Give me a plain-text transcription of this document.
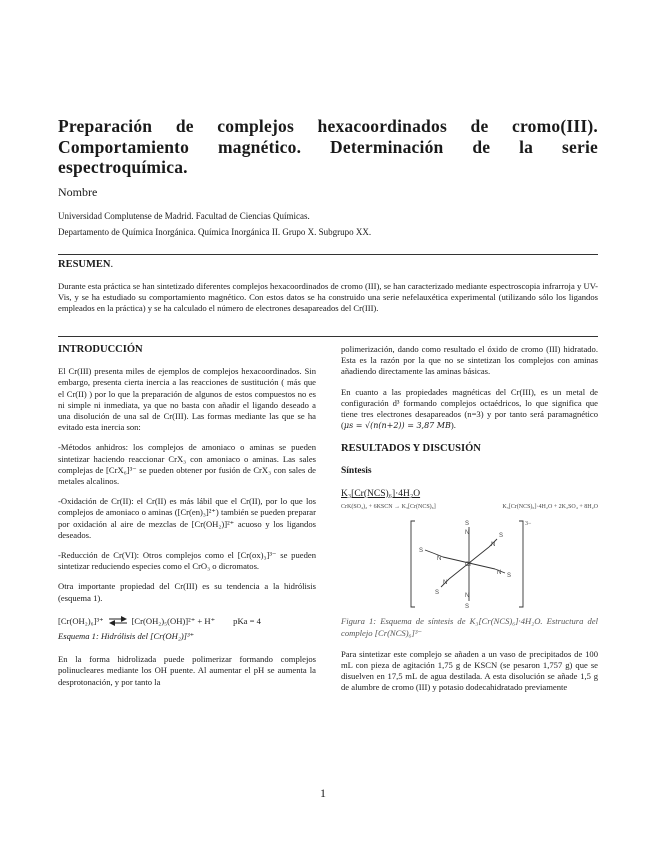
Preparación de complejos hexacoordinados de cromo(III). Comportamiento magnético. Determinación de la serie espectroquímica.
Nombre
Universidad Complutense de Madrid. Facultad de Ciencias Químicas.
Departamento de Química Inorgánica. Química Inorgánica II. Grupo X. Subgrupo XX.
RESUMEN.
Durante esta práctica se han sintetizado diferentes complejos hexacoordinados de cromo (III), se han caracterizado mediante espectroscopia infrarroja y UV-Vis, y se ha estudiado su comportamiento magnético. Con estos datos se ha construido una serie nefelauxética experimental (utilizando sólo los ligandos empleados en la práctica) y se ha calculado el número de electrones desapareados del Cr(III).
INTRODUCCIÓN

El Cr(III) presenta miles de ejemplos de complejos hexacoordinados. Sin embargo, presenta cierta inercia a las reacciones de sustitución ( más que el Cr(II) ) por lo que la preparación de algunos de estos compuestos no es ni simple ni inmediata, ya que no basta con añadir el ligando deseado a una disolución de una sal de Cr(III). Las formas mediante las que se ha evitado esta inercia son:

-Métodos anhidros: los complejos de amoniaco o aminas se pueden sintetizar haciendo reaccionar CrX₃ con amoniaco o aminas. Las sales complejas de [CrX₆]³⁻ se pueden obtener por fusión de CrX₃ con sales de metales alcalinos.

-Oxidación de Cr(II): el Cr(II) es más lábil que el Cr(II), por lo que los complejos de amoniaco o aminas ([Cr(en)₃]²⁺) también se pueden preparar por oxidación al aire de mezclas de [Cr(OH₂)]²⁺ acuoso y los ligandos deseados.

-Reducción de Cr(VI): Otros complejos como el [Cr(ox)₃]³⁻ se pueden sintetizar reduciendo especies como el CrO₃ o dicromatos.

Otra importante propiedad del Cr(III) es su tendencia a la hidrólisis (esquema 1).

[Cr(OH₂)₆]³⁺ ⇌ [Cr(OH₂)₅(OH)]²⁺ + H⁺ pKa = 4

Esquema 1: Hidrólisis del [Cr(OH₂)]³⁺

En la forma hidrolizada puede polimerizar formando complejos polinucleares mediante los OH puente. Al aumentar el pH se aumenta la desprotonación, y por tanto la

polimerización, dando como resultado el óxido de cromo (III) hidratado. Esta es la razón por la que no se sintetizan los complejos con aminas añadiendo directamente las aminas básicas.

En cuanto a las propiedades magnéticas del Cr(III), es un metal de configuración d³ formando complejos octaédricos, lo que significa que tiene tres electrones desapareados (n=3) y por tanto será paramagnético (μs = √(n(n+2)) = 3,87 MB).

RESULTADOS Y DISCUSIÓN
Síntesis
K₃[Cr(NCS)₆]·4H₂O
CrK(SO₄)₂ + 6KSCN → K₃[Cr(NCS)₆]	K₃[Cr(NCS)₆]·4H₂O + 2K₂SO₄ + 8H₂O
Cr
N
S
N
S
N S
N
S
N
S
N
S
3−

Figura 1: Esquema de síntesis de K₃[Cr(NCS)₆]·4H₂O. Estructura del complejo [Cr(NCS)₆]³⁻

Para sintetizar este complejo se añaden a un vaso de precipitados de 100 mL con pieza de agitación 1,75 g de KSCN (se pesaron 1,757 g) que se disuelven en 17,5 mL de agua destilada. A esta disolución se añade 1,5 g de alumbre de cromo (III) y potasio dodecahidratado previamente

1
